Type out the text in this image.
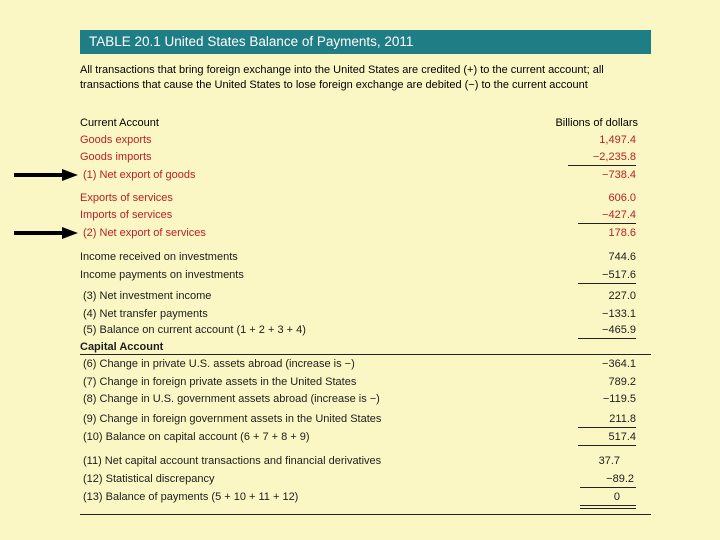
TABLE 20.1 United States Balance of Payments, 2011
All transactions that bring foreign exchange into the United States are credited (+) to the current account; all transactions that cause the United States to lose foreign exchange are debited (−) to the current account
Current Account	Billions of dollars
Goods exports	1,497.4
Goods imports	−2,235.8
(1) Net export of goods	−738.4
Exports of services	606.0
Imports of services	−427.4
(2) Net export of services	178.6
Income received on investments	744.6
Income payments on investments	−517.6
(3) Net investment income	227.0
(4) Net transfer payments	−133.1
(5) Balance on current account (1 + 2 + 3 + 4)	−465.9
Capital Account
(6) Change in private U.S. assets abroad (increase is −)	−364.1
(7) Change in foreign private assets in the United States	789.2
(8) Change in U.S. government assets abroad (increase is −)	−119.5
(9) Change in foreign government assets in the United States	211.8
(10) Balance on capital account (6 + 7 + 8 + 9)	517.4
(11) Net capital account transactions and financial derivatives	37.7
(12) Statistical discrepancy	−89.2
(13) Balance of payments (5 + 10 + 11 + 12)	0
